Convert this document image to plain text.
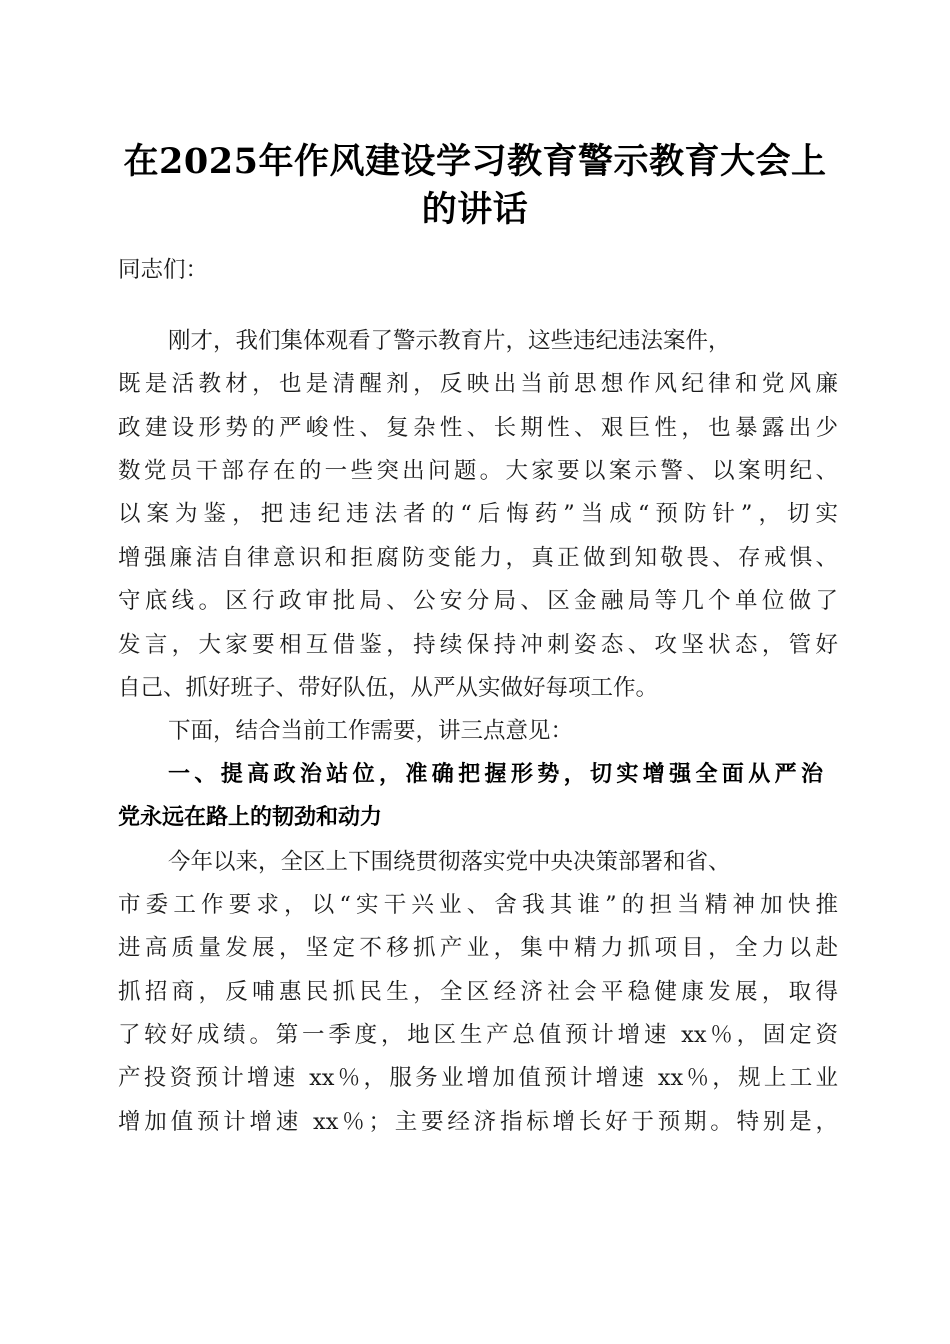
在2025年作风建设学习教育警示教育大会上
的讲话
同志们：
刚才，我们集体观看了警示教育片，这些违纪违法案件，
既是活教材，也是清醒剂，反映出当前思想作风纪律和党风廉
政建设形势的严峻性、复杂性、长期性、艰巨性，也暴露出少
数党员干部存在的一些突出问题。大家要以案示警、以案明纪、
以案为鉴，把违纪违法者的“后悔药”当成“预防针”，切实
增强廉洁自律意识和拒腐防变能力，真正做到知敬畏、存戒惧、
守底线。区行政审批局、公安分局、区金融局等几个单位做了
发言，大家要相互借鉴，持续保持冲刺姿态、攻坚状态，管好
自己、抓好班子、带好队伍，从严从实做好每项工作。
下面，结合当前工作需要，讲三点意见：
一、提高政治站位，准确把握形势，切实增强全面从严治
党永远在路上的韧劲和动力
今年以来，全区上下围绕贯彻落实党中央决策部署和省、
市委工作要求，以“实干兴业、舍我其谁”的担当精神加快推
进高质量发展，坚定不移抓产业，集中精力抓项目，全力以赴
抓招商，反哺惠民抓民生，全区经济社会平稳健康发展，取得
了较好成绩。第一季度，地区生产总值预计增速 xx％，固定资
产投资预计增速 xx％，服务业增加值预计增速 xx％，规上工业
增加值预计增速 xx％；主要经济指标增长好于预期。特别是，
